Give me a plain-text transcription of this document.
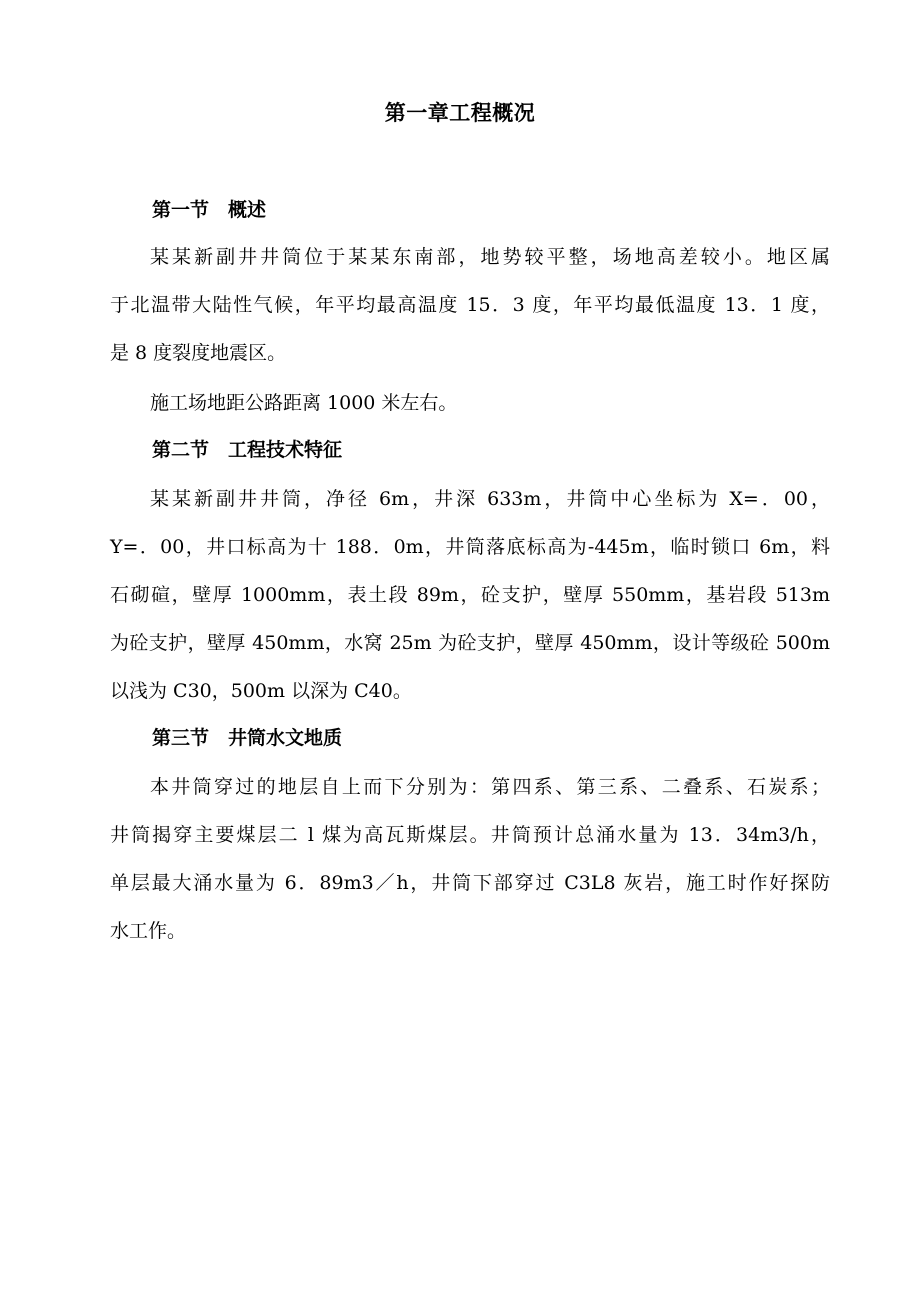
第一章工程概况
第一节　概述
某某新副井井筒位于某某东南部，地势较平整，场地高差较小。地区属
于北温带大陆性气候，年平均最高温度 15．3 度，年平均最低温度 13．1 度，
是 8 度裂度地震区。
施工场地距公路距离 1000 米左右。
第二节　工程技术特征
某某新副井井筒，净径 6m，井深 633m，井筒中心坐标为 X=．00，
Y=．00，井口标高为十 188．0m，井筒落底标高为-445m，临时锁口 6m，料
石砌碹，壁厚 1000mm，表土段 89m，砼支护，壁厚 550mm，基岩段 513m
为砼支护，壁厚 450mm，水窝 25m 为砼支护，壁厚 450mm，设计等级砼 500m
以浅为 C30，500m 以深为 C40。
第三节　井筒水文地质
本井筒穿过的地层自上而下分别为：第四系、第三系、二叠系、石炭系；
井筒揭穿主要煤层二 l 煤为高瓦斯煤层。井筒预计总涌水量为 13．34m3/h，
单层最大涌水量为 6．89m3／h，井筒下部穿过 C3L8 灰岩，施工时作好探防
水工作。
